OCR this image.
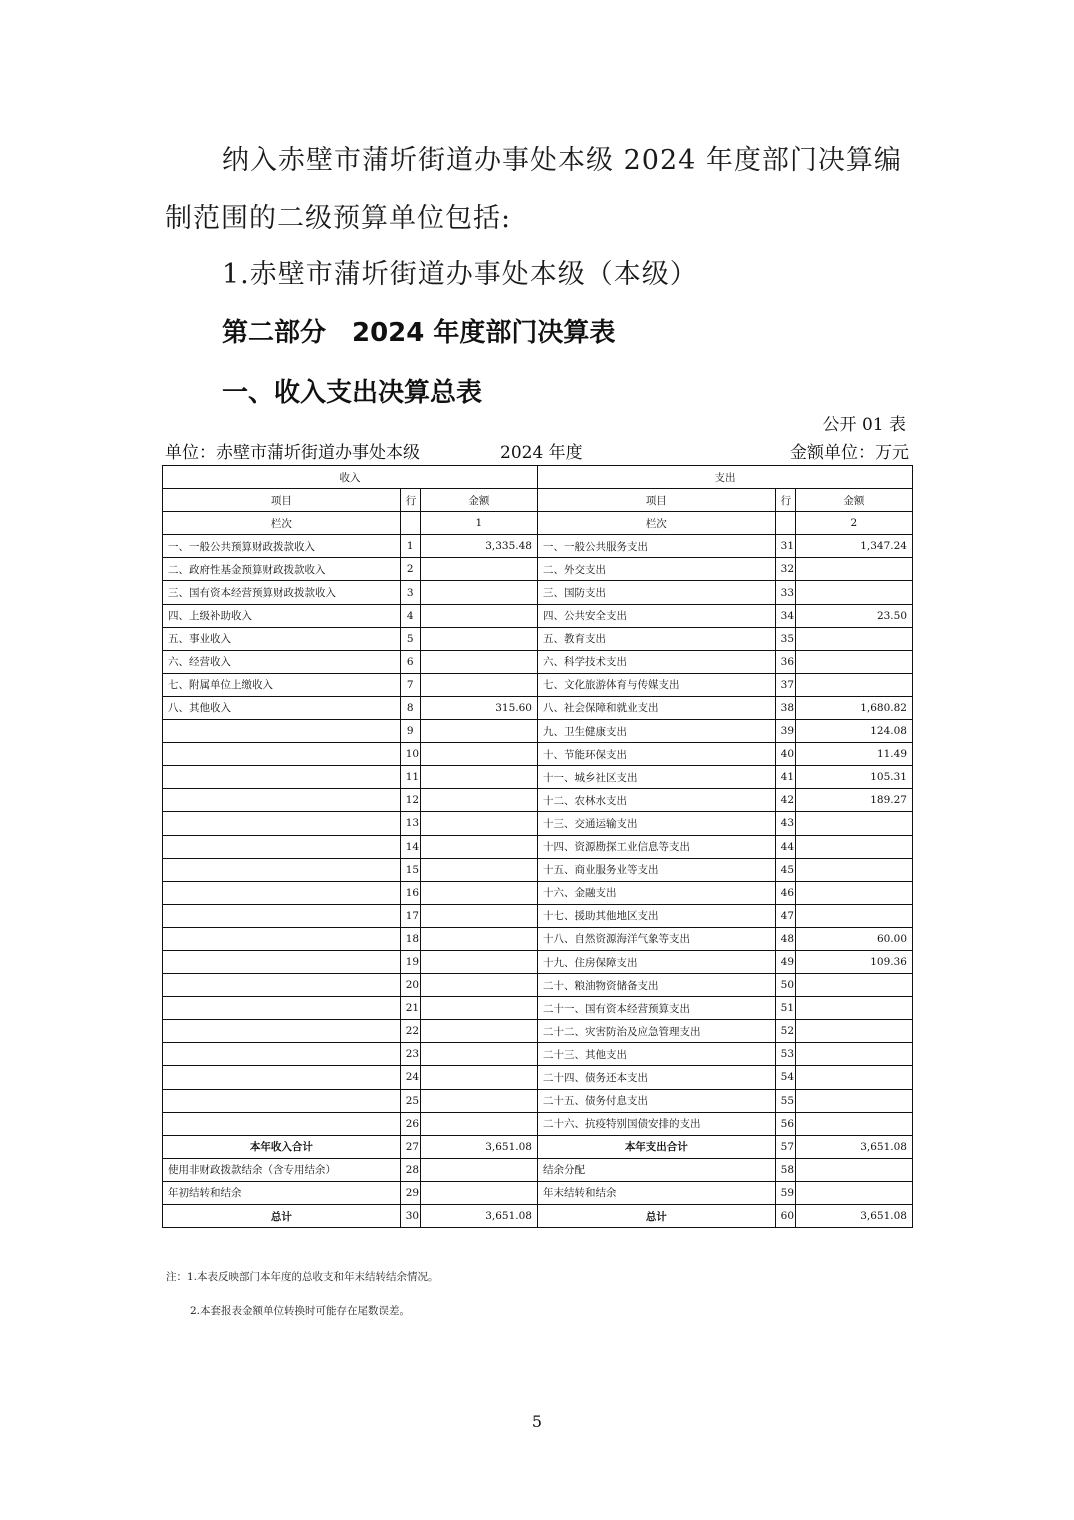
纳入赤壁市蒲圻街道办事处本级 2024 年度部门决算编
制范围的二级预算单位包括:
1.赤壁市蒲圻街道办事处本级（本级）
第二部分　2024 年度部门决算表
一、收入支出决算总表
公开 01 表
单位：赤壁市蒲圻街道办事处本级	2024 年度	金额单位：万元
收入			支出		
项目	行	金额	项目	行	金额
栏次		1	栏次		2
一、一般公共预算财政拨款收入	1	3,335.48	一、一般公共服务支出	31	1,347.24
二、政府性基金预算财政拨款收入	2		二、外交支出	32	
三、国有资本经营预算财政拨款收入	3		三、国防支出	33	
四、上级补助收入	4		四、公共安全支出	34	23.50
五、事业收入	5		五、教育支出	35	
六、经营收入	6		六、科学技术支出	36	
七、附属单位上缴收入	7		七、文化旅游体育与传媒支出	37	
八、其他收入	8	315.60	八、社会保障和就业支出	38	1,680.82
	9		九、卫生健康支出	39	124.08
	10		十、节能环保支出	40	11.49
	11		十一、城乡社区支出	41	105.31
	12		十二、农林水支出	42	189.27
	13		十三、交通运输支出	43	
	14		十四、资源勘探工业信息等支出	44	
	15		十五、商业服务业等支出	45	
	16		十六、金融支出	46	
	17		十七、援助其他地区支出	47	
	18		十八、自然资源海洋气象等支出	48	60.00
	19		十九、住房保障支出	49	109.36
	20		二十、粮油物资储备支出	50	
	21		二十一、国有资本经营预算支出	51	
	22		二十二、灾害防治及应急管理支出	52	
	23		二十三、其他支出	53	
	24		二十四、债务还本支出	54	
	25		二十五、债务付息支出	55	
	26		二十六、抗疫特别国债安排的支出	56	
本年收入合计	27	3,651.08	本年支出合计	57	3,651.08
使用非财政拨款结余（含专用结余）	28		结余分配	58	
年初结转和结余	29		年末结转和结余	59	
总计	30	3,651.08	总计	60	3,651.08
注：1.本表反映部门本年度的总收支和年末结转结余情况。
2.本套报表金额单位转换时可能存在尾数误差。
5
